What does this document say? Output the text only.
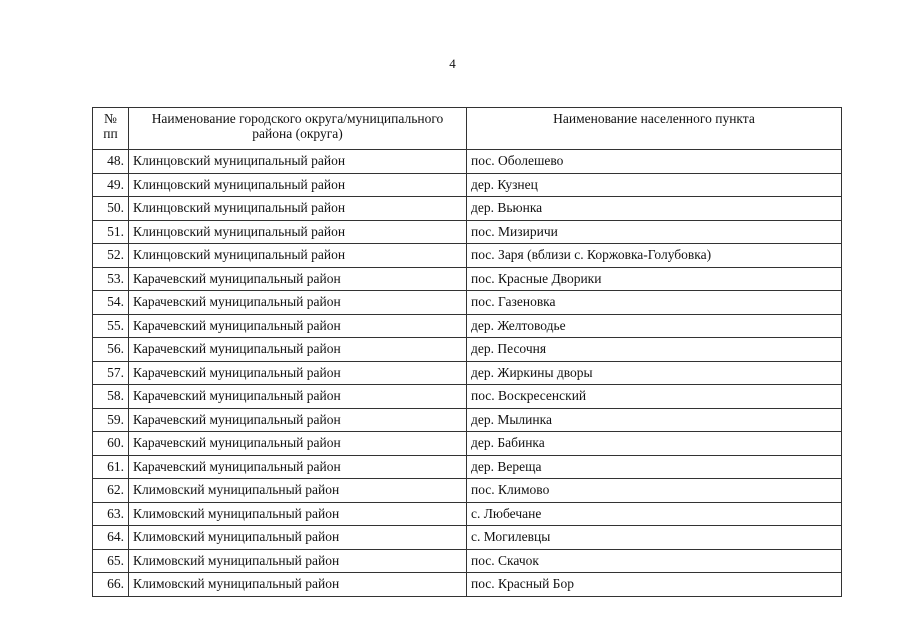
4
№ пп	Наименование городского округа/муниципального района (округа)	Наименование населенного пункта
48.	Клинцовский муниципальный район	пос. Оболешево
49.	Клинцовский муниципальный район	дер. Кузнец
50.	Клинцовский муниципальный район	дер. Вьюнка
51.	Клинцовский муниципальный район	пос. Мизиричи
52.	Клинцовский муниципальный район	пос. Заря (вблизи с. Коржовка-Голубовка)
53.	Карачевский муниципальный район	пос. Красные Дворики
54.	Карачевский муниципальный район	пос. Газеновка
55.	Карачевский муниципальный район	дер. Желтоводье
56.	Карачевский муниципальный район	дер. Песочня
57.	Карачевский муниципальный район	дер. Жиркины дворы
58.	Карачевский муниципальный район	пос. Воскресенский
59.	Карачевский муниципальный район	дер. Мылинка
60.	Карачевский муниципальный район	дер. Бабинка
61.	Карачевский муниципальный район	дер. Вереща
62.	Климовский муниципальный район	пос. Климово
63.	Климовский муниципальный район	с. Любечане
64.	Климовский муниципальный район	с. Могилевцы
65.	Климовский муниципальный район	пос. Скачок
66.	Климовский муниципальный район	пос. Красный Бор
